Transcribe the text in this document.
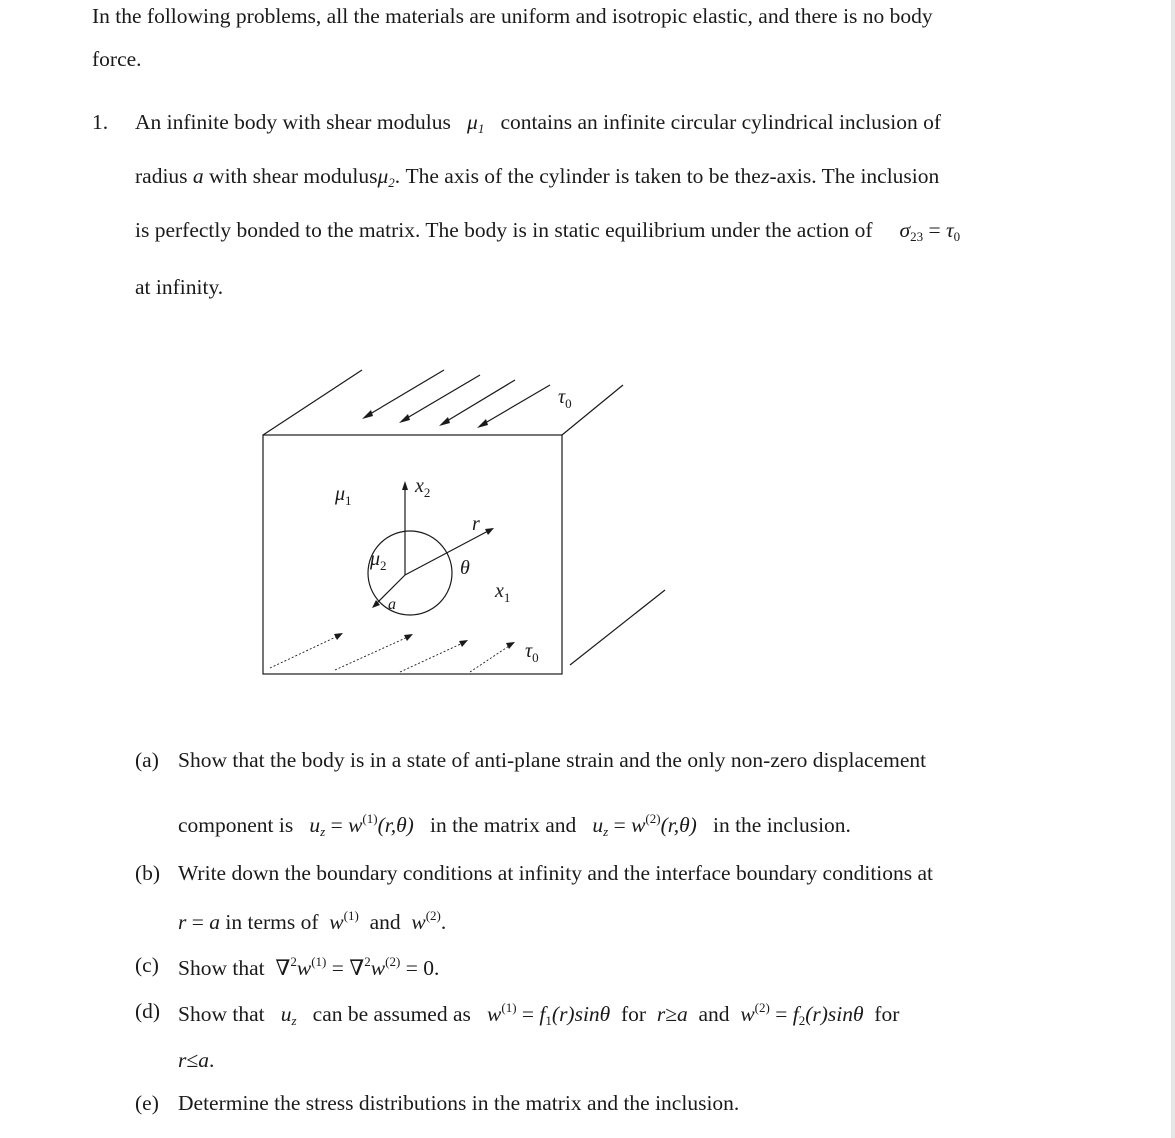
In the following problems, all the materials are uniform and isotropic elastic, and there is no body
force.
1. An infinite body with shear modulus $\mu_1$ contains an infinite circular cylindrical inclusion of
radius a with shear modulusμ$_2$. The axis of the cylinder is taken to be the z-axis. The inclusion
is perfectly bonded to the matrix. The body is in static equilibrium under the action of $\sigma_{23} = \tau_0$
at infinity.
$\tau_0$
$\mu_1$
$x_2$
r
$\mu_2$	θ
$x_1$
a
$\tau_0$
(a) Show that the body is in a state of anti-plane strain and the only non-zero displacement
component is $u_z = w^{(1)}(r,\theta)$ in the matrix and $u_z = w^{(2)}(r,\theta)$ in the inclusion.
(b) Write down the boundary conditions at infinity and the interface boundary conditions at
r = a in terms of $w^{(1)}$ and $w^{(2)}$.
(c) Show that $\nabla^2w^{(1)} = \nabla^2w^{(2)} = 0$.
(d) Show that $u_z$ can be assumed as $w^{(1)} = f_1(r)\sin\theta$ for r≥a and $w^{(2)} = f_2(r)\sin\theta$ for
r≤a.
(e) Determine the stress distributions in the matrix and the inclusion.
